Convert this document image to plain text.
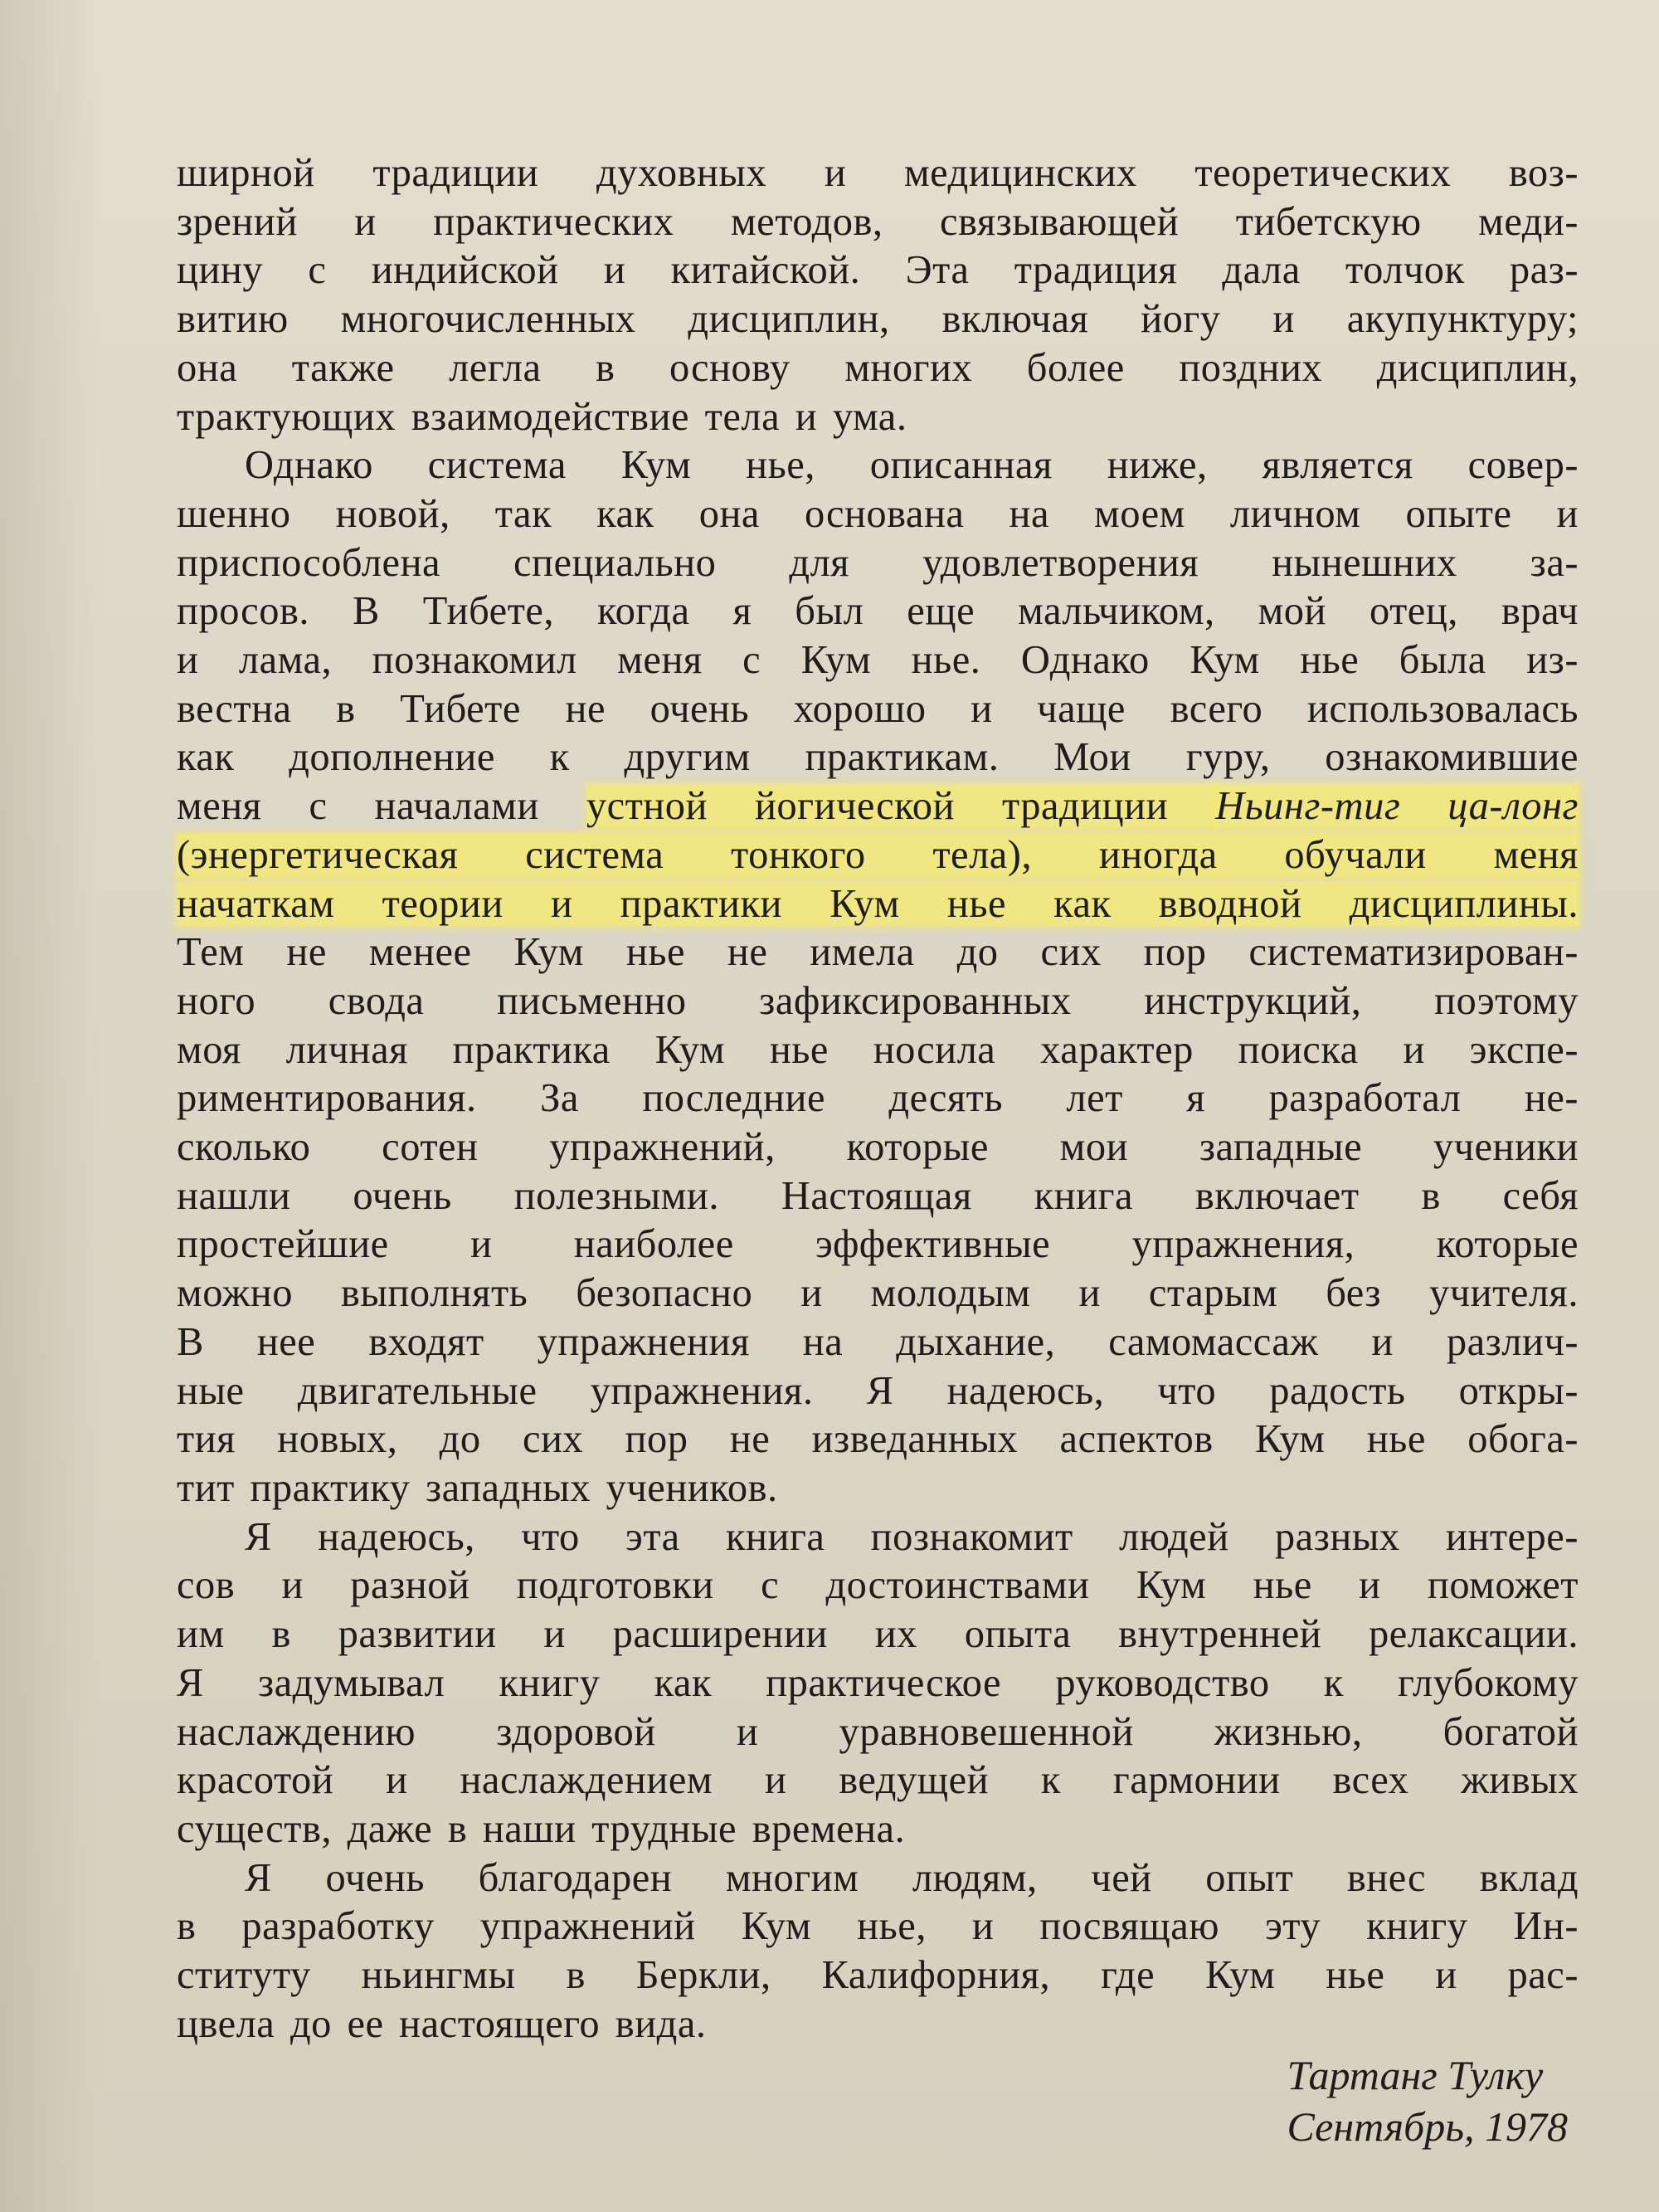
ширной традиции духовных и медицинских теоретических воз-
зрений и практических методов, связывающей тибетскую меди-
цину с индийской и китайской. Эта традиция дала толчок раз-
витию многочисленных дисциплин, включая йогу и акупунктуру;
она также легла в основу многих более поздних дисциплин,
трактующих взаимодействие тела и ума.
Однако система Кум нье, описанная ниже, является совер-
шенно новой, так как она основана на моем личном опыте и
приспособлена специально для удовлетворения нынешних за-
просов. В Тибете, когда я был еще мальчиком, мой отец, врач
и лама, познакомил меня с Кум нье. Однако Кум нье была из-
вестна в Тибете не очень хорошо и чаще всего использовалась
как дополнение к другим практикам. Мои гуру, ознакомившие
меня с началами устной йогической традиции Ньинг-тиг ца-лонг
(энергетическая система тонкого тела), иногда обучали меня
начаткам теории и практики Кум нье как вводной дисциплины.
Тем не менее Кум нье не имела до сих пор систематизирован-
ного свода письменно зафиксированных инструкций, поэтому
моя личная практика Кум нье носила характер поиска и экспе-
риментирования. За последние десять лет я разработал не-
сколько сотен упражнений, которые мои западные ученики
нашли очень полезными. Настоящая книга включает в себя
простейшие и наиболее эффективные упражнения, которые
можно выполнять безопасно и молодым и старым без учителя.
В нее входят упражнения на дыхание, самомассаж и различ-
ные двигательные упражнения. Я надеюсь, что радость откры-
тия новых, до сих пор не изведанных аспектов Кум нье обога-
тит практику западных учеников.
Я надеюсь, что эта книга познакомит людей разных интере-
сов и разной подготовки с достоинствами Кум нье и поможет
им в развитии и расширении их опыта внутренней релаксации.
Я задумывал книгу как практическое руководство к глубокому
наслаждению здоровой и уравновешенной жизнью, богатой
красотой и наслаждением и ведущей к гармонии всех живых
существ, даже в наши трудные времена.
Я очень благодарен многим людям, чей опыт внес вклад
в разработку упражнений Кум нье, и посвящаю эту книгу Ин-
ституту ньингмы в Беркли, Калифорния, где Кум нье и рас-
цвела до ее настоящего вида.
Тартанг Тулку
Сентябрь, 1978
